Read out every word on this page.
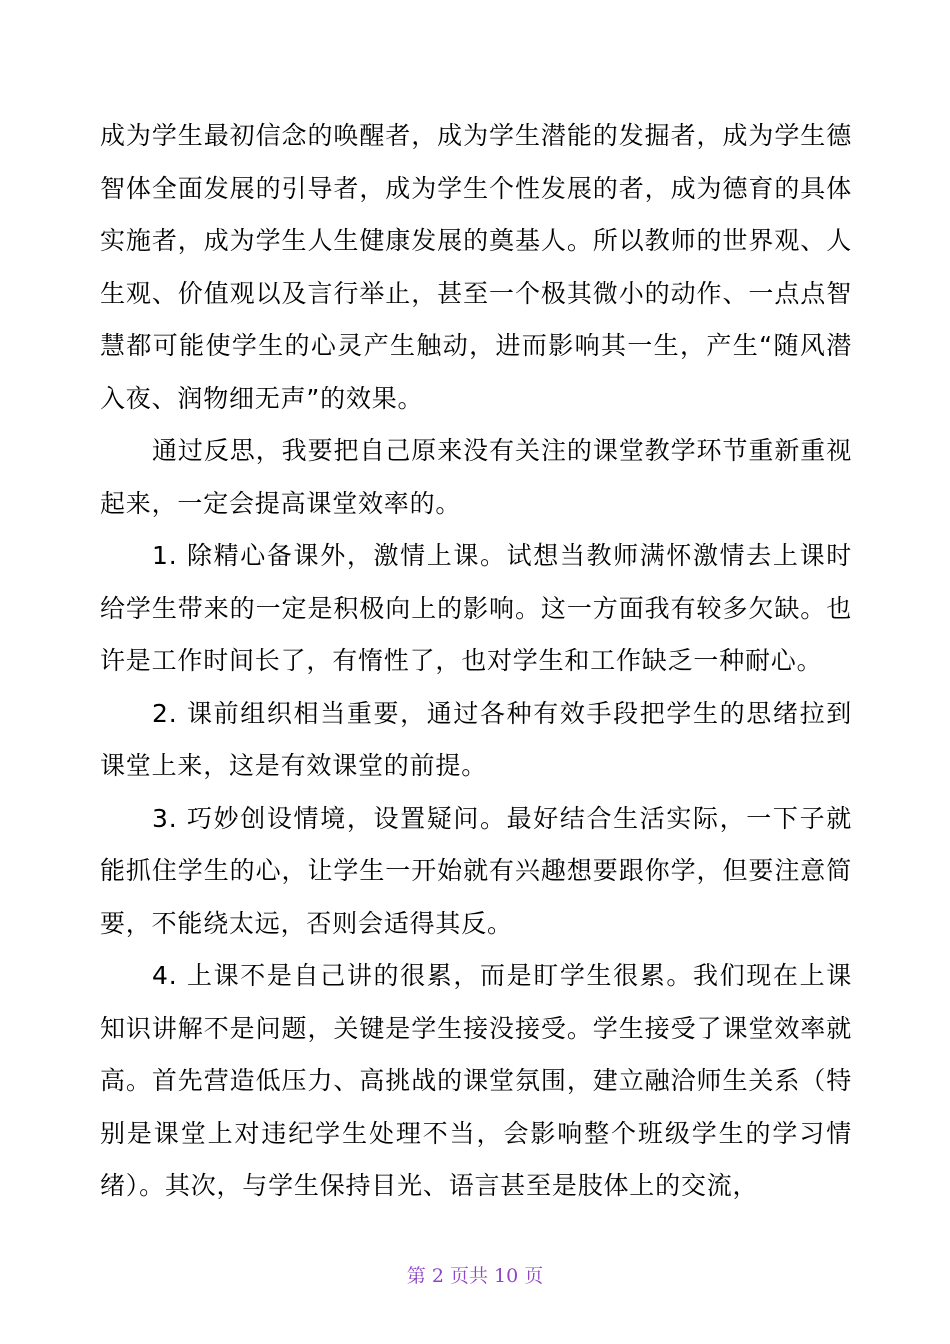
成为学生最初信念的唤醒者，成为学生潜能的发掘者，成为学生德智体全面发展的引导者，成为学生个性发展的者，成为德育的具体实施者，成为学生人生健康发展的奠基人。所以教师的世界观、人生观、价值观以及言行举止，甚至一个极其微小的动作、一点点智慧都可能使学生的心灵产生触动，进而影响其一生，产生“随风潜入夜、润物细无声”的效果。

通过反思，我要把自己原来没有关注的课堂教学环节重新重视起来，一定会提高课堂效率的。

1. 除精心备课外，激情上课。试想当教师满怀激情去上课时给学生带来的一定是积极向上的影响。这一方面我有较多欠缺。也许是工作时间长了，有惰性了，也对学生和工作缺乏一种耐心。

2. 课前组织相当重要，通过各种有效手段把学生的思绪拉到课堂上来，这是有效课堂的前提。

3. 巧妙创设情境，设置疑问。最好结合生活实际，一下子就能抓住学生的心，让学生一开始就有兴趣想要跟你学，但要注意简要，不能绕太远，否则会适得其反。

4. 上课不是自己讲的很累，而是盯学生很累。我们现在上课知识讲解不是问题，关键是学生接没接受。学生接受了课堂效率就高。首先营造低压力、高挑战的课堂氛围，建立融洽师生关系（特别是课堂上对违纪学生处理不当，会影响整个班级学生的学习情绪）。其次，与学生保持目光、语言甚至是肢体上的交流，

第 2 页共 10 页
